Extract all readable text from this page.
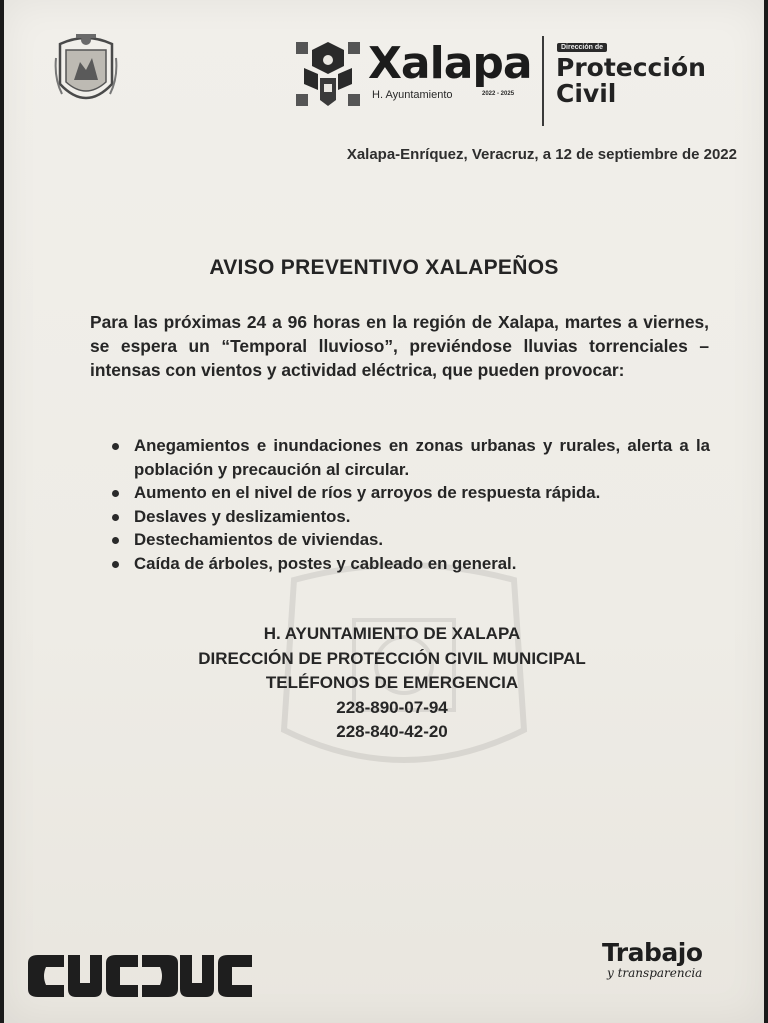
Xalapa
H. Ayuntamiento	2022 - 2025
Dirección de
Protección
Civil
Xalapa-Enríquez, Veracruz, a 12 de septiembre de 2022
AVISO PREVENTIVO XALAPEÑOS

Para las próximas 24 a 96 horas en la región de Xalapa, martes a viernes, se espera un “Temporal lluvioso”, previéndose lluvias torrenciales – intensas con vientos y actividad eléctrica, que pueden provocar:

Anegamientos e inundaciones en zonas urbanas y rurales, alerta a la población y precaución al circular.
Aumento en el nivel de ríos y arroyos de respuesta rápida.
Deslaves y deslizamientos.
Destechamientos de viviendas.
Caída de árboles, postes y cableado en general.
H. AYUNTAMIENTO DE XALAPA
DIRECCIÓN DE PROTECCIÓN CIVIL MUNICIPAL
TELÉFONOS DE EMERGENCIA
228-890-07-94
228-840-42-20
Trabajo
y transparencia
